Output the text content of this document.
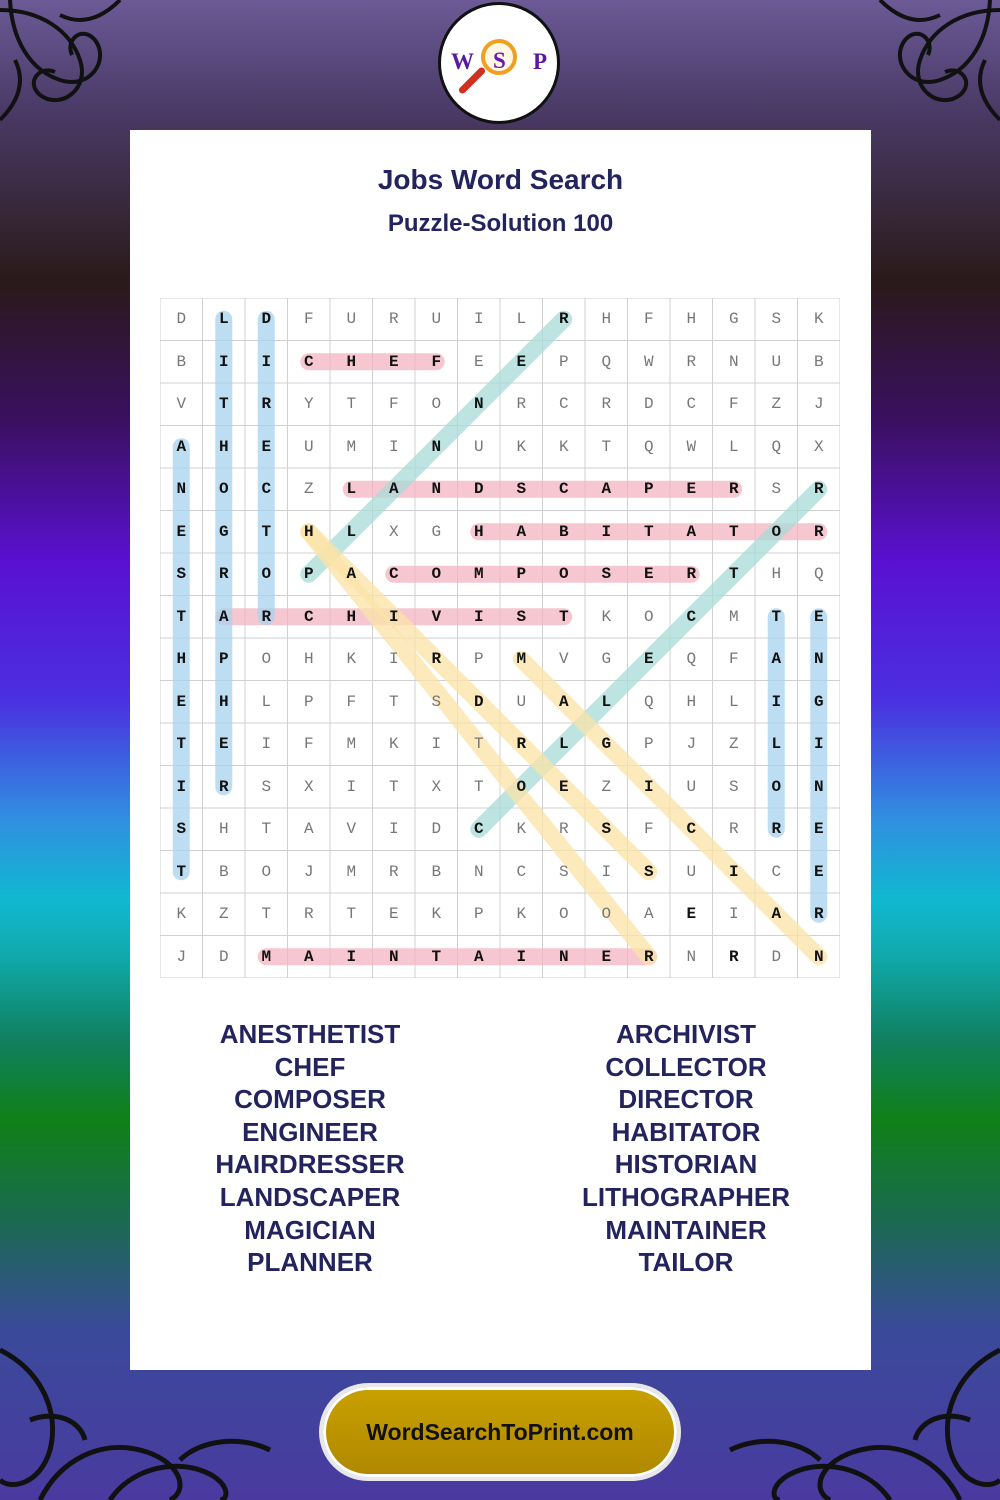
Jobs Word Search
Puzzle-Solution 100
D	L	D	F	U	R	U	I	L	R	H	F	H	G	S	K
B	I	I	C	H	E	F	E	E	P	Q	W	R	N	U	B
V	T	R	Y	T	F	O	N	R	C	R	D	C	F	Z	J
A	H	E	U	M	I	N	U	K	K	T	Q	W	L	Q	X
N	O	C	Z	L	A	N	D	S	C	A	P	E	R	S	R
E	G	T	H	L	X	G	H	A	B	I	T	A	T	O	R
S	R	O	P	A	C	O	M	P	O	S	E	R	T	H	Q
T	A	R	C	H	I	V	I	S	T	K	O	C	M	T	E
H	P	O	H	K	I	R	P	M	V	G	E	Q	F	A	N
E	H	L	P	F	T	S	D	U	A	L	Q	H	L	I	G
T	E	I	F	M	K	I	T	R	L	G	P	J	Z	L	I
I	R	S	X	I	T	X	T	O	E	Z	I	U	S	O	N
S	H	T	A	V	I	D	C	K	R	S	F	C	R	R	E
T	B	O	J	M	R	B	N	C	S	I	S	U	I	C	E
K	Z	T	R	T	E	K	P	K	O	O	A	E	I	A	R
J	D	M	A	I	N	T	A	I	N	E	R	N	R	D	N
ANESTHETIST
CHEF
COMPOSER
ENGINEER
HAIRDRESSER
LANDSCAPER
MAGICIAN
PLANNER
ARCHIVIST
COLLECTOR
DIRECTOR
HABITATOR
HISTORIAN
LITHOGRAPHER
MAINTAINER
TAILOR
W S P
WordSearchToPrint.com
